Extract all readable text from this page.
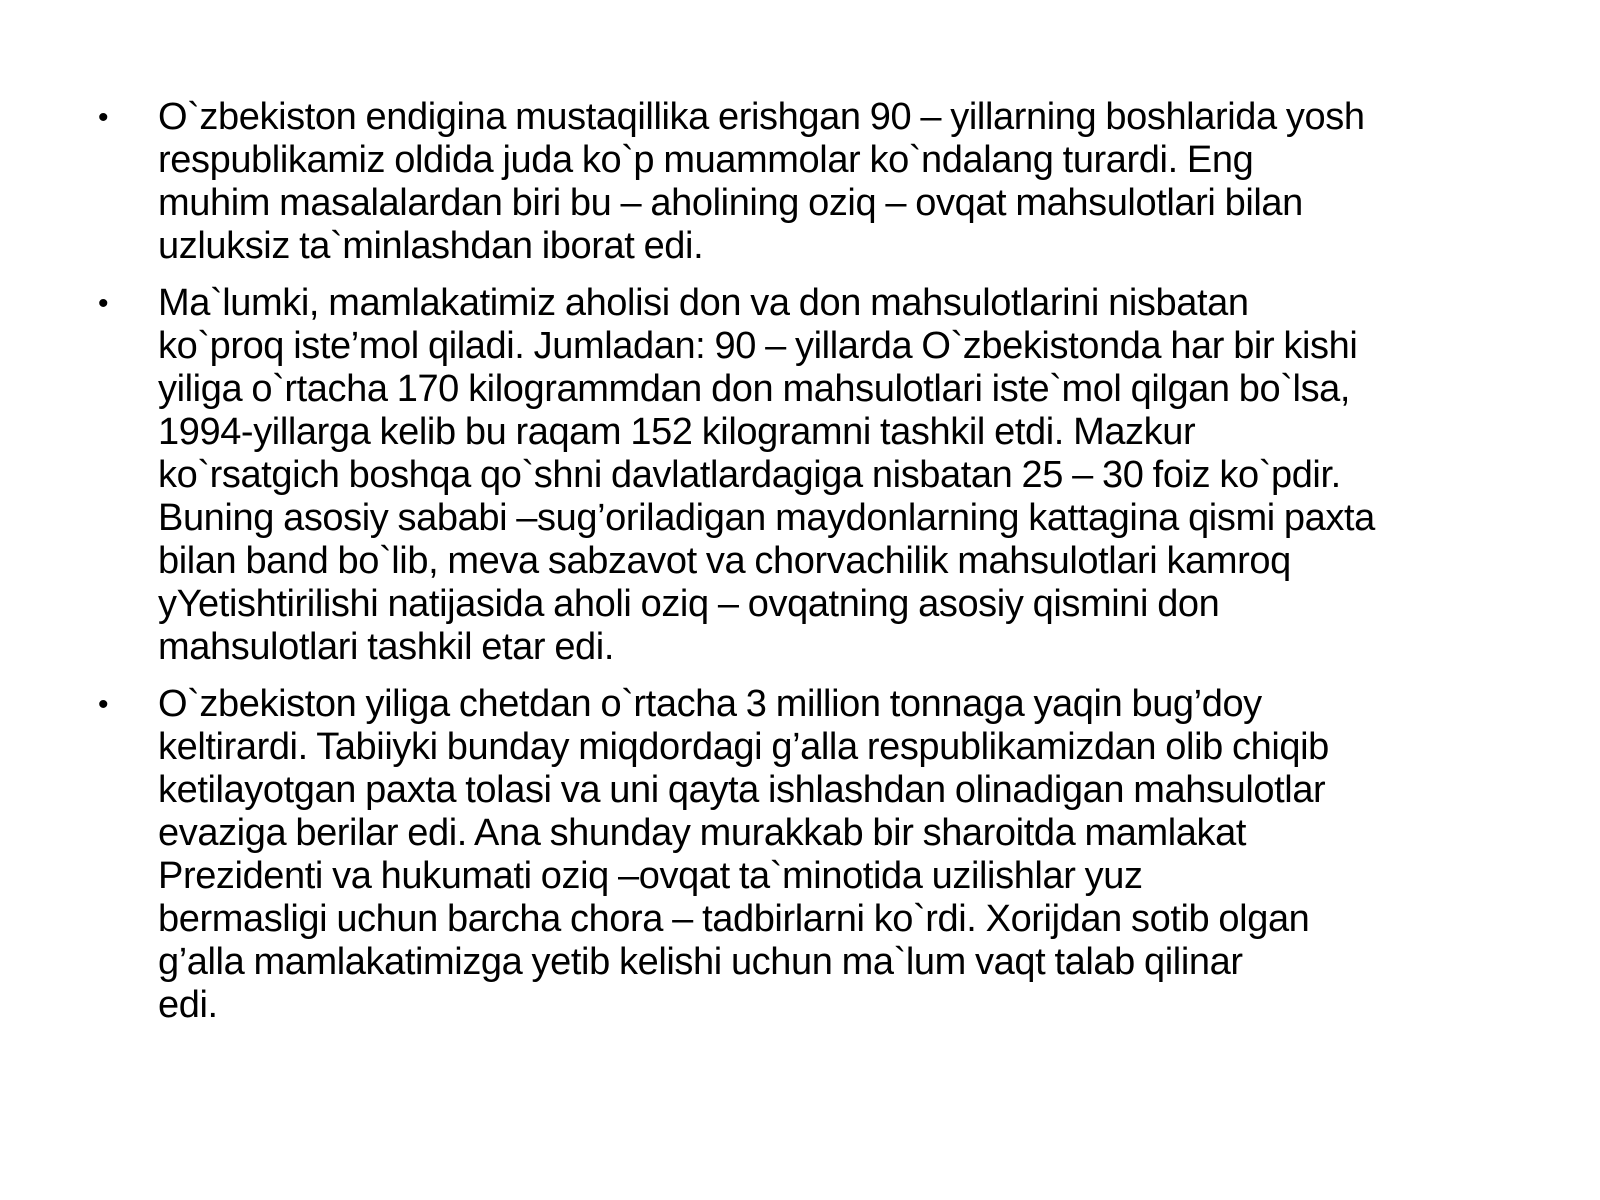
• O`zbekiston endigina mustaqillika erishgan 90 – yillarning boshlarida yosh
respublikamiz oldida juda ko`p muammolar ko`ndalang turardi. Eng
muhim masalalardan biri bu – aholining oziq – ovqat mahsulotlari bilan
uzluksiz ta`minlashdan iborat edi.
• Ma`lumki, mamlakatimiz aholisi don va don mahsulotlarini nisbatan
ko`proq iste’mol qiladi. Jumladan: 90 – yillarda O`zbekistonda har bir kishi
yiliga o`rtacha 170 kilogrammdan don mahsulotlari iste`mol qilgan bo`lsa,
1994-yillarga kelib bu raqam 152 kilogramni tashkil etdi. Mazkur
ko`rsatgich boshqa qo`shni davlatlardagiga nisbatan 25 – 30 foiz ko`pdir.
Buning asosiy sababi –sug’oriladigan maydonlarning kattagina qismi paxta
bilan band bo`lib, meva sabzavot va chorvachilik mahsulotlari kamroq
yYetishtirilishi natijasida aholi oziq – ovqatning asosiy qismini don
mahsulotlari tashkil etar edi.
• O`zbekiston yiliga chetdan o`rtacha 3 million tonnaga yaqin bug’doy
keltirardi. Tabiiyki bunday miqdordagi g’alla respublikamizdan olib chiqib
ketilayotgan paxta tolasi va uni qayta ishlashdan olinadigan mahsulotlar
evaziga berilar edi. Ana shunday murakkab bir sharoitda mamlakat
Prezidenti va hukumati oziq –ovqat ta`minotida uzilishlar yuz
bermasligi uchun barcha chora – tadbirlarni ko`rdi. Xorijdan sotib olgan
g’alla mamlakatimizga yetib kelishi uchun ma`lum vaqt talab qilinar
edi.
